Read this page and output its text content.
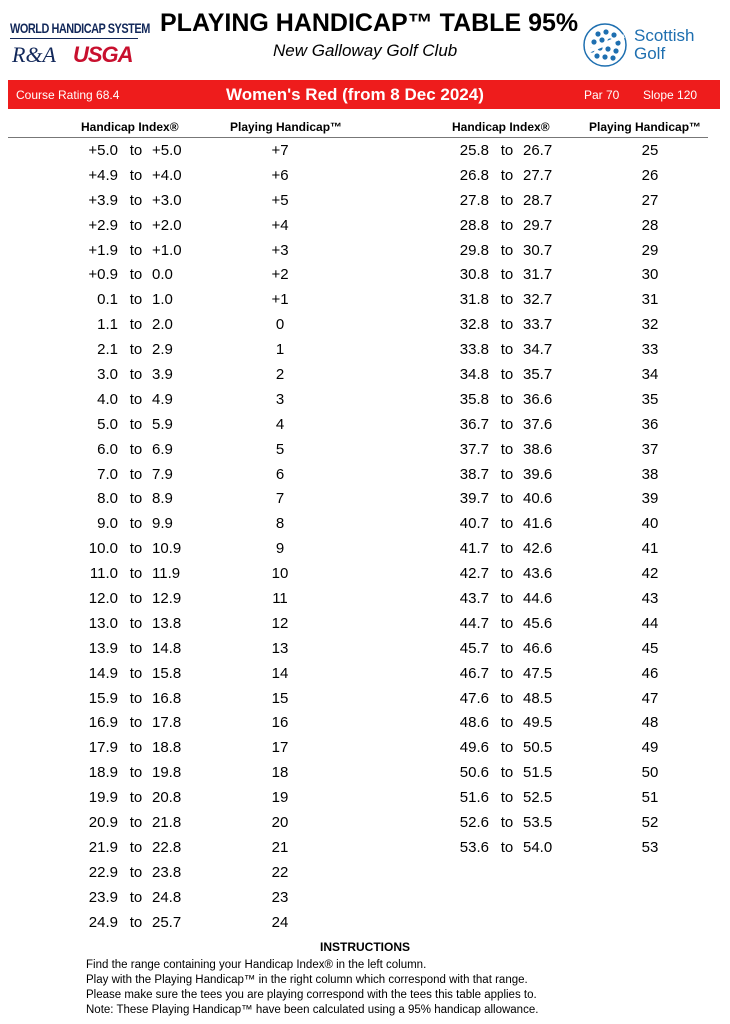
WORLD HANDICAP SYSTEM
R&A USGA
PLAYING HANDICAP™ TABLE 95%
New Galloway Golf Club
Scottish
Golf
Course Rating 68.4	Women's Red (from 8 Dec 2024)	Par 70 Slope 120
Handicap Index®	Playing Handicap™	Handicap Index®	Playing Handicap™
+5.0 to +5.0	+7
+4.9 to +4.0	+6
+3.9 to +3.0	+5
+2.9 to +2.0	+4
+1.9 to +1.0	+3
+0.9 to 0.0	+2
0.1 to 1.0	+1
1.1 to 2.0	0
2.1 to 2.9	1
3.0 to 3.9	2
4.0 to 4.9	3
5.0 to 5.9	4
6.0 to 6.9	5
7.0 to 7.9	6
8.0 to 8.9	7
9.0 to 9.9	8
10.0 to 10.9	9
11.0 to 11.9	10
12.0 to 12.9	11
13.0 to 13.8	12
13.9 to 14.8	13
14.9 to 15.8	14
15.9 to 16.8	15
16.9 to 17.8	16
17.9 to 18.8	17
18.9 to 19.8	18
19.9 to 20.8	19
20.9 to 21.8	20
21.9 to 22.8	21
22.9 to 23.8	22
23.9 to 24.8	23
24.9 to 25.7	24
25.8 to 26.7	25
26.8 to 27.7	26
27.8 to 28.7	27
28.8 to 29.7	28
29.8 to 30.7	29
30.8 to 31.7	30
31.8 to 32.7	31
32.8 to 33.7	32
33.8 to 34.7	33
34.8 to 35.7	34
35.8 to 36.6	35
36.7 to 37.6	36
37.7 to 38.6	37
38.7 to 39.6	38
39.7 to 40.6	39
40.7 to 41.6	40
41.7 to 42.6	41
42.7 to 43.6	42
43.7 to 44.6	43
44.7 to 45.6	44
45.7 to 46.6	45
46.7 to 47.5	46
47.6 to 48.5	47
48.6 to 49.5	48
49.6 to 50.5	49
50.6 to 51.5	50
51.6 to 52.5	51
52.6 to 53.5	52
53.6 to 54.0	53
INSTRUCTIONS
Find the range containing your Handicap Index® in the left column.
Play with the Playing Handicap™ in the right column which correspond with that range.
Please make sure the tees you are playing correspond with the tees this table applies to.
Note: These Playing Handicap™ have been calculated using a 95% handicap allowance.
